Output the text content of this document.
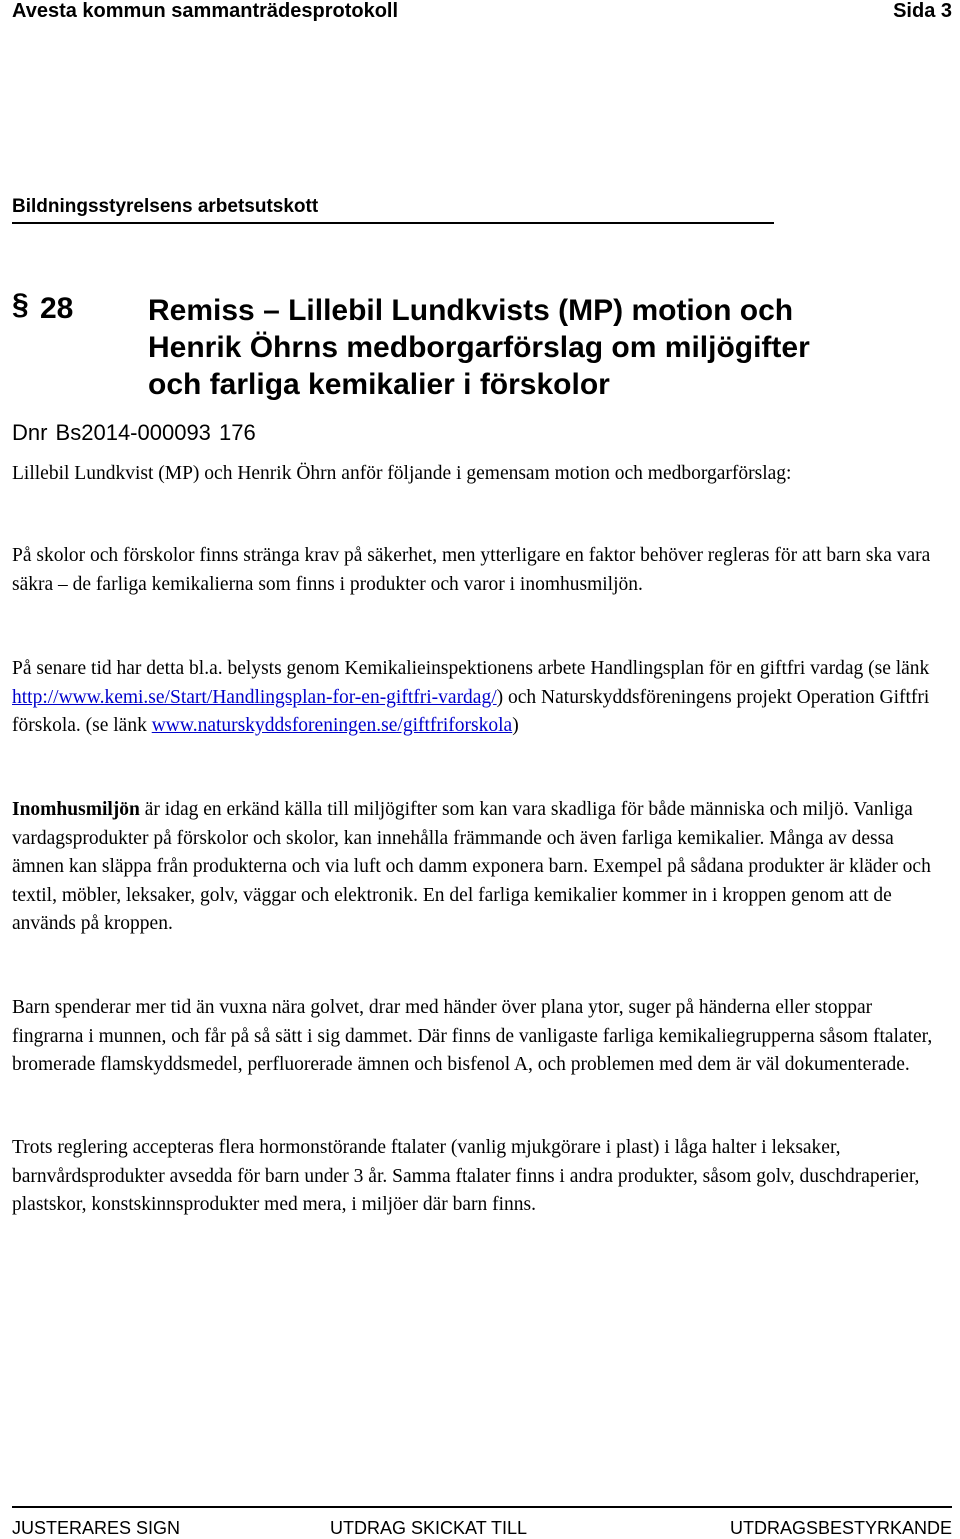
Avesta kommun sammanträdesprotokoll	Sida 3
Bildningsstyrelsens arbetsutskott
§ 28 Remiss – Lillebil Lundkvists (MP) motion och
Henrik Öhrns medborgarförslag om miljögifter
och farliga kemikalier i förskolor
Dnr Bs2014-000093 176

Lillebil Lundkvist (MP) och Henrik Öhrn anför följande i gemensam motion och medborgarförslag:

På skolor och förskolor finns stränga krav på säkerhet, men ytterligare en faktor behöver regleras för att barn ska vara säkra – de farliga kemikalierna som finns i produkter och varor i inomhusmiljön.

På senare tid har detta bl.a. belysts genom Kemikalieinspektionens arbete Handlingsplan för en giftfri vardag (se länk http://www.kemi.se/Start/Handlingsplan-for-en-giftfri-vardag/) och Naturskyddsföreningens projekt Operation Giftfri förskola. (se länk www.naturskyddsforeningen.se/giftfriforskola)

Inomhusmiljön är idag en erkänd källa till miljögifter som kan vara skadliga för både människa och miljö. Vanliga vardagsprodukter på förskolor och skolor, kan innehålla främmande och även farliga kemikalier. Många av dessa ämnen kan släppa från produkterna och via luft och damm exponera barn. Exempel på sådana produkter är kläder och textil, möbler, leksaker, golv, väggar och elektronik. En del farliga kemikalier kommer in i kroppen genom att de används på kroppen.

Barn spenderar mer tid än vuxna nära golvet, drar med händer över plana ytor, suger på händerna eller stoppar fingrarna i munnen, och får på så sätt i sig dammet. Där finns de vanligaste farliga kemikaliegrupperna såsom ftalater, bromerade flamskyddsmedel, perfluorerade ämnen och bisfenol A, och problemen med dem är väl dokumenterade.

Trots reglering accepteras flera hormonstörande ftalater (vanlig mjukgörare i plast) i låga halter i leksaker, barnvårdsprodukter avsedda för barn under 3 år. Samma ftalater finns i andra produkter, såsom golv, duschdraperier, plastskor, konstskinnsprodukter med mera, i miljöer där barn finns.

JUSTERARES SIGN	UTDRAG SKICKAT TILL	UTDRAGSBESTYRKANDE
